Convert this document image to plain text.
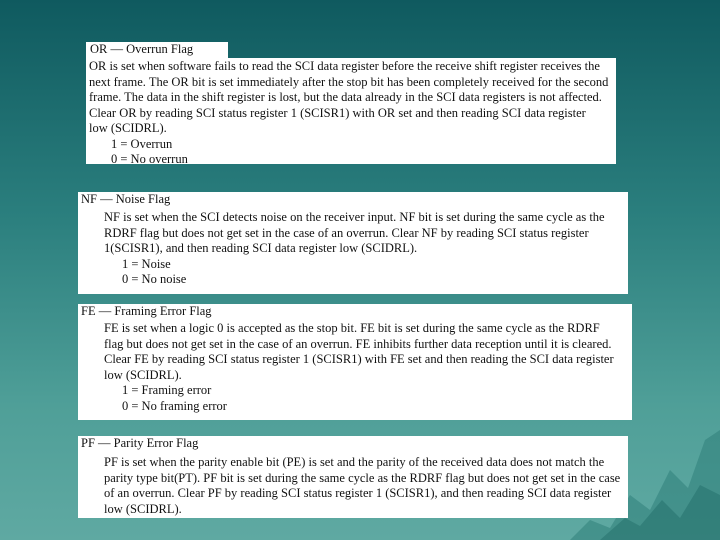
OR is set when software fails to read the SCI data register before the receive shift register receives the
next frame. The OR bit is set immediately after the stop bit has been completely received for the second
frame. The data in the shift register is lost, but the data already in the SCI data registers is not affected.
Clear OR by reading SCI status register 1 (SCISR1) with OR set and then reading SCI data register
low (SCIDRL).
1 = Overrun
0 = No overrun
OR — Overrun Flag
NF is set when the SCI detects noise on the receiver input. NF bit is set during the same cycle as the
RDRF flag but does not get set in the case of an overrun. Clear NF by reading SCI status register
1(SCISR1), and then reading SCI data register low (SCIDRL).
1 = Noise
0 = No noise
NF — Noise Flag
FE is set when a logic 0 is accepted as the stop bit. FE bit is set during the same cycle as the RDRF
flag but does not get set in the case of an overrun. FE inhibits further data reception until it is cleared.
Clear FE by reading SCI status register 1 (SCISR1) with FE set and then reading the SCI data register
low (SCIDRL).
1 = Framing error
0 = No framing error
FE — Framing Error Flag
PF is set when the parity enable bit (PE) is set and the parity of the received data does not match the
parity type bit(PT). PF bit is set during the same cycle as the RDRF flag but does not get set in the case
of an overrun. Clear PF by reading SCI status register 1 (SCISR1), and then reading SCI data register
low (SCIDRL).
PF — Parity Error Flag
